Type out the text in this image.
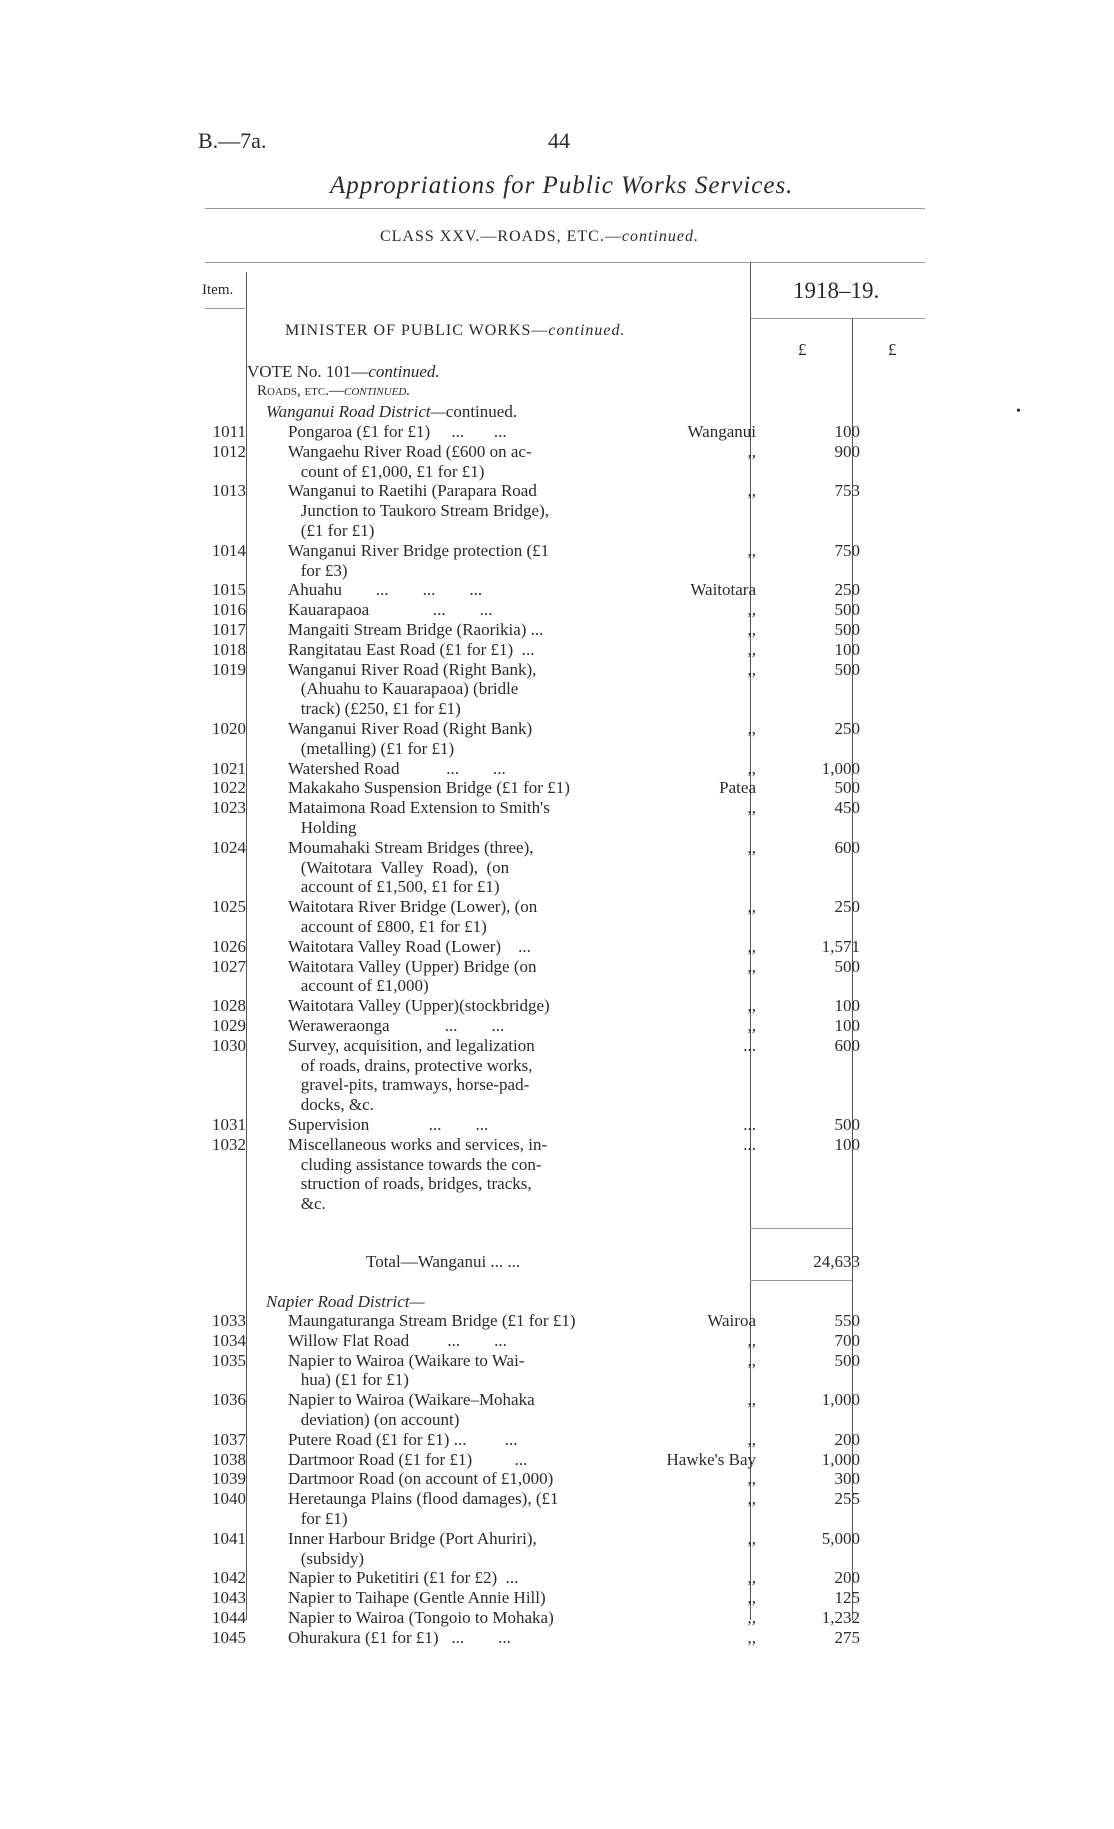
B.—7a.	44
Appropriations for Public Works Services.
CLASS XXV.—ROADS, ETC.—continued.
Item.	1918–19.
£	£
MINISTER OF PUBLIC WORKS—continued.
VOTE No. 101—continued.
Roads, etc.—continued.
Wanganui Road District—continued.
1011 Pongaroa (£1 for £1)     ...       ...	Wanganui	100
1012 Wangaehu River Road (£600 on ac-
count of £1,000, £1 for £1)
,,	900
1013 Wanganui to Raetihi (Parapara Road
Junction to Taukoro Stream Bridge),
(£1 for £1)
,,	753
1014 Wanganui River Bridge protection (£1
for £3)
,,	750
1015 Ahuahu        ...        ...        ...	Waitotara	250
1016 Kauarapaoa               ...        ...	,,	500
1017 Mangaiti Stream Bridge (Raorikia) ...	,,	500
1018 Rangitatau East Road (£1 for £1)  ...	,,	100
1019 Wanganui River Road (Right Bank),
(Ahuahu to Kauarapaoa) (bridle
track) (£250, £1 for £1)
,,	500
1020 Wanganui River Road (Right Bank)
(metalling) (£1 for £1)
,,	250
1021 Watershed Road           ...        ...	,,	1,000
1022 Makakaho Suspension Bridge (£1 for £1)	Patea	500
1023 Mataimona Road Extension to Smith's
Holding
,,	450
1024 Moumahaki Stream Bridges (three),
(Waitotara  Valley  Road),  (on
account of £1,500, £1 for £1)
,,	600
1025 Waitotara River Bridge (Lower), (on
account of £800, £1 for £1)
,,	250
1026 Waitotara Valley Road (Lower)    ...	,,	1,571
1027 Waitotara Valley (Upper) Bridge (on
account of £1,000)
,,	500
1028 Waitotara Valley (Upper)(stockbridge)	,,	100
1029 Weraweraonga             ...        ...	,,	100
1030 Survey, acquisition, and legalization
of roads, drains, protective works,
gravel-pits, tramways, horse-pad-
docks, &c.
...	600
1031 Supervision              ...        ...	...	500
1032 Miscellaneous works and services, in-
cluding assistance towards the con-
struction of roads, bridges, tracks,
&c.
...	100
Total—Wanganui ... ...	24,633
Napier Road District—
1033 Maungaturanga Stream Bridge (£1 for £1)	Wairoa	550
1034 Willow Flat Road         ...        ...	,,	700
1035 Napier to Wairoa (Waikare to Wai-
hua) (£1 for £1)
,,	500
1036 Napier to Wairoa (Waikare–Mohaka
deviation) (on account)
,,	1,000
1037 Putere Road (£1 for £1) ...         ...	,,	200
1038 Dartmoor Road (£1 for £1)          ...	Hawke's Bay	1,000
1039 Dartmoor Road (on account of £1,000)	,,	300
1040 Heretaunga Plains (flood damages), (£1
for £1)
,,	255
1041 Inner Harbour Bridge (Port Ahuriri),
(subsidy)
,,	5,000
1042 Napier to Puketitiri (£1 for £2)  ...	,,	200
1043 Napier to Taihape (Gentle Annie Hill)	,,	125
1044 Napier to Wairoa (Tongoio to Mohaka)	,,	1,232
1045 Ohurakura (£1 for £1)   ...        ...	,,	275
•
